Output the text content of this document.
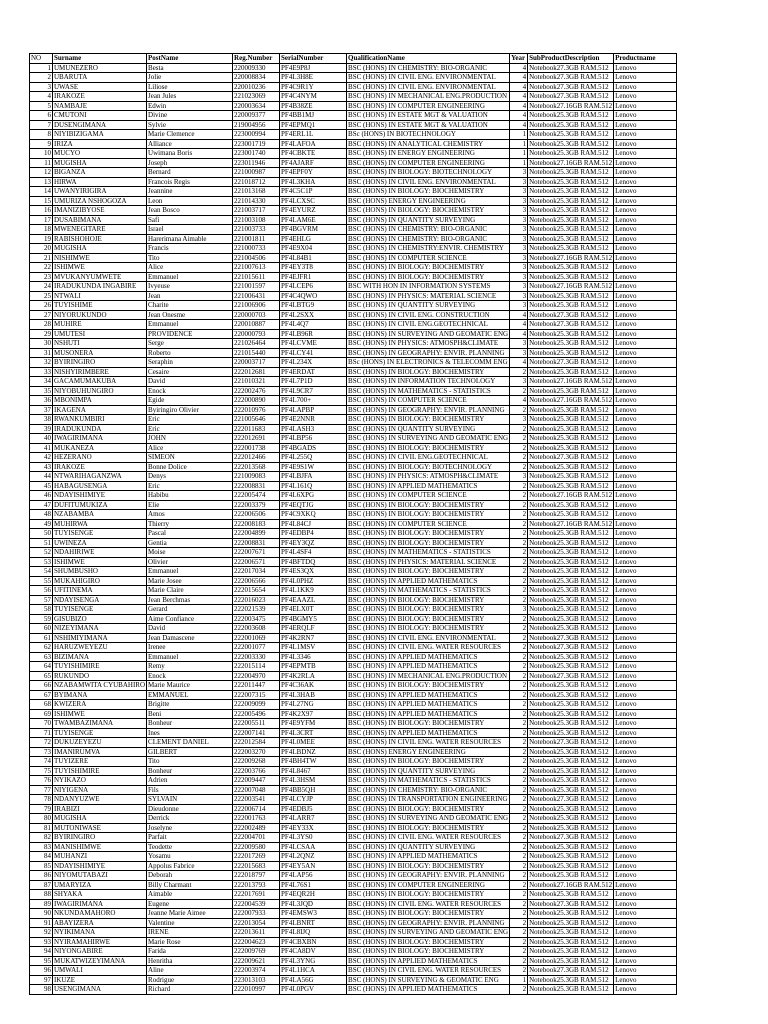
NO	Surname	PostName	Reg.Number	SerialNumber	QualificationName	Year	SubProductDescription	Productname
1	UMUNEZERO	Besta	220009330	PF4E9P8J	BSC (HONS) IN CHEMISTRY: BIO-ORGANIC	4	Notebook27.3GB RAM.512	Lenovo
2	UBARUTA	Jolie	220008834	PF4L3H8E	BSC (HONS) IN CIVIL ENG. ENVIRONMENTAL	4	Notebook27.3GB RAM.512	Lenovo
3	UWASE	Liliose	220010236	PF4C9R1Y	BSC (HONS) IN CIVIL ENG. ENVIRONMENTAL	4	Notebook27.3GB RAM.512	Lenovo
4	IRAKOZE	Jean Jules	221023069	PF4C4NYM	BSC (HONS) IN MECHANICAL ENG.PRODUCTION	4	Notebook27.3GB RAM.512	Lenovo
5	NAMBAJE	Edwin	220003634	PF4B38ZE	BSC (HONS) IN COMPUTER ENGINEERING	4	Notebook27.16GB RAM.512	Lenovo
6	CMUTONI	Divine	220009377	PF4BB1MJ	BSC (HONS) IN ESTATE MGT & VALUATION	4	Notebook25.3GB RAM.512	Lenovo
7	DUSENGIMANA	Sylvie	219004956	PF4EPMQ1	BSC (HONS) IN ESTATE MGT & VALUATION	4	Notebook25.3GB RAM.512	Lenovo
8	NIYIBIZIGAMA	Marie Clemence	223000994	PF4ERL1L	BSc (HONS) IN BIOTECHNOLOGY	1	Notebook25.3GB RAM.512	Lenovo
9	IRIZA	Alliance	223001719	PF4LAFOA	BSC (HONS) IN ANALYTICAL CHEMISTRY	1	Notebook25.3GB RAM.512	Lenovo
10	MUCYO	Uwimana Boris	223001740	PF4CBKTE	BSC (HONS) IN ENERGY ENGINEERING	1	Notebook25.3GB RAM.512	Lenovo
11	MUGISHA	Joseph	223011946	PF4AJARF	BSC (HONS) IN COMPUTER ENGINEERING	1	Notebook27.16GB RAM.512	Lenovo
12	BIGANZA	Bernard	221000987	PF4EPF0Y	BSC (HONS) IN BIOLOGY: BIOTECHNOLOGY	3	Notebook25.3GB RAM.512	Lenovo
13	HIRWA	Francois Regis	221018712	PF4L3KHA	BSC (HONS) IN CIVIL ENG. ENVIRONMENTAL	3	Notebook25.3GB RAM.512	Lenovo
14	UWANYIRIGIRA	Jeannine	221013168	PF4C5C1P	BSC (HONS) IN BIOLOGY: BIOCHEMISTRY	3	Notebook25.3GB RAM.512	Lenovo
15	UMURIZA NSHOGOZA	Leon	221014330	PF4LCXSC	BSC (HONS) ENERGY ENGINEERING	3	Notebook25.3GB RAM.512	Lenovo
16	IMANIZIBYOSE	Jean Bosco	221003717	PF4EYURZ	BSC (HONS) IN BIOLOGY: BIOCHEMISTRY	3	Notebook25.3GB RAM.512	Lenovo
17	DUSABIMANA	Safi	221003108	PF4LAM6E	BSC (HONS) IN QUANTITY SURVEYING	3	Notebook25.3GB RAM.512	Lenovo
18	MWENEGITARE	Israel	221003733	PF4BGVRM	BSC (HONS) IN CHEMISTRY: BIO-ORGANIC	3	Notebook25.3GB RAM.512	Lenovo
19	RABISHOHOJE	Harerimana Aimable	221001811	PF4EHLG	BSC (HONS) IN CHEMISTRY: BIO-ORGANIC	3	Notebook25.3GB RAM.512	Lenovo
20	MUGISHA	Francis	221000733	PF4E9X04	BSC (HONS) IN CHEMISTRY:ENVIR. CHEMISTRY	3	Notebook25.3GB RAM.512	Lenovo
21	NISHIMWE	Tito	221004506	PF4L84B1	BSC (HONS) IN COMPUTER SCIENCE	3	Notebook27.16GB RAM.512	Lenovo
22	ISHIMWE	Alice	221007613	PF4EY3T8	BSC (HONS) IN BIOLOGY: BIOCHEMISTRY	3	Notebook25.3GB RAM.512	Lenovo
23	MVUKANYUMWETE	Emmanuel	221015611	PF4EJFR1	BSC (HONS) IN BIOLOGY: BIOCHEMISTRY	3	Notebook25.3GB RAM.512	Lenovo
24	IRADUKUNDA INGABIRE	Ivyeuse	221001597	PF4LCEP6	BSC WITH HON IN INFORMATION SYSTEMS	3	Notebook27.16GB RAM.512	Lenovo
25	NTWALI	Jean	221006431	PF4C4QWO	BSC (HONS) IN PHYSICS: MATERIAL SCIENCE	3	Notebook25.3GB RAM.512	Lenovo
26	TUYISHIME	Charite	221006906	PF4LBTG9	BSC (HONS) IN QUANTITY SURVEYING	3	Notebook25.3GB RAM.512	Lenovo
27	NIYORUKUNDO	Jean Onesme	220000703	PF4L2SXX	BSC (HONS) IN CIVIL ENG. CONSTRUCTION	4	Notebook27.3GB RAM.512	Lenovo
28	MUHIRE	Emmanuel	220010887	PF4L4Q7	BSC (HONS) IN CIVIL ENG.GEOTECHNICAL	4	Notebook27.3GB RAM.512	Lenovo
29	UMUTESI	PROVIDENCE	220000793	PF4LB96R	BSC (HONS) IN SURVEYING AND GEOMATIC ENG	4	Notebook25.3GB RAM.512	Lenovo
30	NSHUTI	Serge	221026464	PF4LCVME	BSC (HONS) IN PHYSICS: ATMOSPH&CLIMATE	3	Notebook25.3GB RAM.512	Lenovo
31	MUSONERA	Roberto	221015440	PF4LCY41	BSC (HONS) IN GEOGRAPHY: ENVIR. PLANNING	3	Notebook25.3GB RAM.512	Lenovo
32	BYIRINGIRO	Seraphin	220003717	PF4L234X	BSc (HONS) IN ELECTRONICS & TELECOMM ENG	4	Notebook27.3GB RAM.512	Lenovo
33	NISHYIRIMBERE	Cesaire	222012681	PF4ERDAT	BSC (HONS) IN BIOLOGY: BIOCHEMISTRY	2	Notebook25.3GB RAM.512	Lenovo
34	GACAMUMAKUBA	David	221010321	PF4L7P1D	BSC (HONS) IN INFORMATION TECHNOLOGY	3	Notebook27.16GB RAM.512	Lenovo
35	NIYOBUHUNGIRO	Enock	222002476	PF4L9CR7	BSC (HONS) IN MATHEMATICS - STATISTICS	2	Notebook25.3GB RAM.512	Lenovo
36	MBONIMPA	Egide	222000890	PF4L700+	BSC (HONS) IN COMPUTER SCIENCE	4	Notebook27.16GB RAM.512	Lenovo
37	IKAGENA	Byiringiro Olivier	222010976	PF4LAPBP	BSC (HONS) IN GEOGRAPHY: ENVIR. PLANNING	2	Notebook25.3GB RAM.512	Lenovo
38	RWANKUMBIRI	Eric	221005646	PF4E2NNR	BSC (HONS) IN BIOLOGY: BIOCHEMISTRY	3	Notebook25.3GB RAM.512	Lenovo
39	IRADUKUNDA	Eric	222011683	PF4LASH3	BSC (HONS) IN QUANTITY SURVEYING	2	Notebook25.3GB RAM.512	Lenovo
40	IWAGIRIMANA	JOHN	222012691	PF4LBP56	BSC (HONS) IN SURVEYING AND GEOMATIC ENG	2	Notebook25.3GB RAM.512	Lenovo
41	MUKANEZA	Alice	222001738	PF4BGADS	BSC (HONS) IN BIOLOGY: BIOCHEMISTRY	2	Notebook25.3GB RAM.512	Lenovo
42	HEZERANO	SIMEON	222012466	PF4L255Q	BSC (HONS) IN CIVIL ENG.GEOTECHNICAL	2	Notebook27.3GB RAM.512	Lenovo
43	IRAKOZE	Bonne Dolice	222013568	PF4E9S1W	BSC (HONS) IN BIOLOGY: BIOTECHNOLOGY	2	Notebook25.3GB RAM.512	Lenovo
44	NTWARIHAGANZWA	Denys	221009083	PF4LBJFA	BSC (HONS) IN PHYSICS: ATMOSPH&CLIMATE	3	Notebook25.3GB RAM.512	Lenovo
45	HABAGUSENGA	Eric	222008831	PF4L161Q	BSC (HONS) IN APPLIED MATHEMATICS	2	Notebook25.3GB RAM.512	Lenovo
46	NDAYISHIMIYE	Habibu	222005474	PF4L6XPG	BSC (HONS) IN COMPUTER SCIENCE	2	Notebook27.16GB RAM.512	Lenovo
47	DUFITUMUKIZA	Elie	222003379	PF4EQTJG	BSC (HONS) IN BIOLOGY: BIOCHEMISTRY	2	Notebook25.3GB RAM.512	Lenovo
48	NZABAMBA	Amos	222006506	PF4C9XKQ	BSC (HONS) IN BIOLOGY: BIOCHEMISTRY	2	Notebook25.3GB RAM.512	Lenovo
49	MUHIRWA	Thierry	222008183	PF4L84CJ	BSC (HONS) IN COMPUTER SCIENCE	2	Notebook27.16GB RAM.512	Lenovo
50	TUYISENGE	Pascal	222004899	PF4EDBP4	BSC (HONS) IN BIOLOGY: BIOCHEMISTRY	2	Notebook25.3GB RAM.512	Lenovo
51	UWINEZA	Gentia	222008831	PF4EY3QZ	BSC (HONS) IN BIOLOGY: BIOCHEMISTRY	2	Notebook25.3GB RAM.512	Lenovo
52	NDAHIRIWE	Moise	222007671	PF4L4SF4	BSC (HONS) IN MATHEMATICS - STATISTICS	2	Notebook25.3GB RAM.512	Lenovo
53	ISHIMWE	Olivier	222006571	PF4BFTDQ	BSC (HONS) IN PHYSICS: MATERIAL SCIENCE	2	Notebook25.3GB RAM.512	Lenovo
54	SHUMBUSHO	Emmanuel	222017034	PF4ES3QX	BSC (HONS) IN BIOLOGY: BIOCHEMISTRY	2	Notebook25.3GB RAM.512	Lenovo
55	MUKAHIGIRO	Marie Josee	222006566	PF4L0PHZ	BSC (HONS) IN APPLIED MATHEMATICS	2	Notebook25.3GB RAM.512	Lenovo
56	UFITINEMA	Marie Claire	222015654	PF4L1KK9	BSC (HONS) IN MATHEMATICS - STATISTICS	2	Notebook25.3GB RAM.512	Lenovo
57	NDAYISENGA	Jean Berchmas	222016023	PF4EAAZL	BSC (HONS) IN BIOLOGY: BIOCHEMISTRY	2	Notebook25.3GB RAM.512	Lenovo
58	TUYISENGE	Gerard	222021539	PF4ELX0T	BSC (HONS) IN BIOLOGY: BIOCHEMISTRY	3	Notebook25.3GB RAM.512	Lenovo
59	GISUBIZO	Aime Confiance	222003475	PF4BGMY5	BSC (HONS) IN BIOLOGY: BIOCHEMISTRY	2	Notebook25.3GB RAM.512	Lenovo
60	NIZEYIMANA	David	222003608	PF4ERQLF	BSC (HONS) IN BIOLOGY: BIOCHEMISTRY	2	Notebook25.3GB RAM.512	Lenovo
61	NSHIMIYIMANA	Jean Damascene	222001069	PF4K2RN7	BSC (HONS) IN CIVIL ENG. ENVIRONMENTAL	2	Notebook27.3GB RAM.512	Lenovo
62	HARUZWEYEZU	Irenee	222001077	PF4L1MSV	BSC (HONS) IN CIVIL ENG. WATER RESOURCES	2	Notebook27.3GB RAM.512	Lenovo
63	BIZIMANA	Emmanuel	222003330	PF4L3346	BSC (HONS) IN APPLIED MATHEMATICS	2	Notebook25.3GB RAM.512	Lenovo
64	TUYISHIMIRE	Remy	222015114	PF4EPMTB	BSC (HONS) IN APPLIED MATHEMATICS	2	Notebook25.3GB RAM.512	Lenovo
65	RUKUNDO	Enock	222004970	PF4K2RLA	BSC (HONS) IN MECHANICAL ENG.PRODUCTION	2	Notebook27.3GB RAM.512	Lenovo
66	NZABAMWITA CYUBAHIRO	Marie Maurice	222011447	PF4C36AK	BSC (HONS) IN BIOLOGY: BIOCHEMISTRY	2	Notebook25.3GB RAM.512	Lenovo
67	BYIMANA	EMMANUEL	222007315	PF4L3HAB	BSC (HONS) IN APPLIED MATHEMATICS	2	Notebook25.3GB RAM.512	Lenovo
68	KWIZERA	Brigitte	222009099	PF4L27NG	BSC (HONS) IN APPLIED MATHEMATICS	2	Notebook25.3GB RAM.512	Lenovo
69	ISHIMWE	Beni	222005496	PF4K2X97	BSC (HONS) IN APPLIED MATHEMATICS	2	Notebook25.3GB RAM.512	Lenovo
70	TWAMBAZIMANA	Bonheur	222005511	PF4E9YFM	BSC (HONS) IN BIOLOGY: BIOCHEMISTRY	2	Notebook25.3GB RAM.512	Lenovo
71	TUYISENGE	Ines	222007141	PF4L3CRT	BSC (HONS) IN APPLIED MATHEMATICS	2	Notebook25.3GB RAM.512	Lenovo
72	DUKUZEYEZU	CLEMENT DANIEL	222012584	PF4L0MEE	BSC (HONS) IN CIVIL ENG. WATER RESOURCES	2	Notebook27.3GB RAM.512	Lenovo
73	IMANIRUMVA	GILBERT	222003270	PF4LBDNZ	BSC (HONS) ENERGY ENGINEERING	2	Notebook25.3GB RAM.512	Lenovo
74	TUYIZERE	Tito	222009268	PF4BH4TW	BSC (HONS) IN BIOLOGY: BIOCHEMISTRY	2	Notebook25.3GB RAM.512	Lenovo
75	TUYISHIMIRE	Bonheur	222003766	PF4L8467	BSC (HONS) IN QUANTITY SURVEYING	2	Notebook25.3GB RAM.512	Lenovo
76	NYIKAZO	Adrien	222009447	PF4L3HSM	BSC (HONS) IN MATHEMATICS - STATISTICS	2	Notebook25.3GB RAM.512	Lenovo
77	NIYIGENA	Fils	222007048	PF4BB5QH	BSC (HONS) IN CHEMISTRY: BIO-ORGANIC	2	Notebook25.3GB RAM.512	Lenovo
78	NDANYUZWE	SYLVAIN	222003541	PF4LCYJP	BSC (HONS) IN TRANSPORTATION ENGINEERING	2	Notebook27.3GB RAM.512	Lenovo
79	IRABIZI	Dieudonne	222006714	PF4EDBJ5	BSC (HONS) IN BIOLOGY: BIOCHEMISTRY	2	Notebook25.3GB RAM.512	Lenovo
80	MUGISHA	Derrick	222001763	PF4LARR7	BSC (HONS) IN SURVEYING AND GEOMATIC ENG	2	Notebook25.3GB RAM.512	Lenovo
81	MUTONIWASE	Joselyne	222002489	PF4EY33X	BSC (HONS) IN BIOLOGY: BIOCHEMISTRY	2	Notebook25.3GB RAM.512	Lenovo
82	BYIRINGIRO	Parfait	222004701	PF4L3YS0	BSC (HONS) IN CIVIL ENG. WATER RESOURCES	2	Notebook27.3GB RAM.512	Lenovo
83	MANISHIMWE	Teodette	222009580	PF4LCSAA	BSC (HONS) IN QUANTITY SURVEYING	2	Notebook25.3GB RAM.512	Lenovo
84	MUHANZI	Yosamu	222017269	PF4L2QNZ	BSC (HONS) IN APPLIED MATHEMATICS	2	Notebook25.3GB RAM.512	Lenovo
85	NDAYISHIMIYE	Appolus Fabrice	222015683	PF4EY5AN	BSC (HONS) IN BIOLOGY: BIOCHEMISTRY	2	Notebook25.3GB RAM.512	Lenovo
86	NIYOMUTABAZI	Deborah	222018797	PF4LAP56	BSC (HONS) IN GEOGRAPHY: ENVIR. PLANNING	2	Notebook25.3GB RAM.512	Lenovo
87	UMARYIZA	Billy Charmant	222013793	PF4L76S1	BSC (HONS) IN COMPUTER ENGINEERING	2	Notebook27.16GB RAM.512	Lenovo
88	SHYAKA	Aimable	222017691	PF4EQR2H	BSC (HONS) IN BIOLOGY: BIOCHEMISTRY	2	Notebook25.3GB RAM.512	Lenovo
89	IWAGIRIMANA	Eugene	222004539	PF4L3JQD	BSC (HONS) IN CIVIL ENG. WATER RESOURCES	2	Notebook27.3GB RAM.512	Lenovo
90	NKUNDAMAHORO	Jeanne Marie Aimee	222007933	PF4EMSW3	BSC (HONS) IN BIOLOGY: BIOCHEMISTRY	2	Notebook25.3GB RAM.512	Lenovo
91	ABAYIZERA	Valentine	222013054	PF4LBNRT	BSC (HONS) IN GEOGRAPHY: ENVIR. PLANNING	2	Notebook25.3GB RAM.512	Lenovo
92	NYIKIMANA	IRENE	222013611	PF4L8IJQ	BSC (HONS) IN SURVEYING AND GEOMATIC ENG	2	Notebook25.3GB RAM.512	Lenovo
93	NYIRAMAHIRWE	Marie Rose	222004623	PF4CBXBN	BSC (HONS) IN BIOLOGY: BIOCHEMISTRY	2	Notebook25.3GB RAM.512	Lenovo
94	NIYONGABIRE	Farida	222009769	PF4CA8DV	BSC (HONS) IN BIOLOGY: BIOCHEMISTRY	2	Notebook25.3GB RAM.512	Lenovo
95	MUKATWIZEYIMANA	Henritha	222009621	PF4L3YNG	BSC (HONS) IN APPLIED MATHEMATICS	2	Notebook25.3GB RAM.512	Lenovo
96	UMWALI	Aline	222003974	PF4L1HCA	BSC (HONS) IN CIVIL ENG. WATER RESOURCES	2	Notebook27.3GB RAM.512	Lenovo
97	IKUZE	Rodrigue	223013103	PF4LA56G	BSC (HONS) IN SURVEYING & GEOMATIC ENG	1	Notebook25.3GB RAM.512	Lenovo
98	USENGIMANA	Richard	222010997	PF4L0PGV	BSC (HONS) IN APPLIED MATHEMATICS	2	Notebook25.3GB RAM.512	Lenovo
